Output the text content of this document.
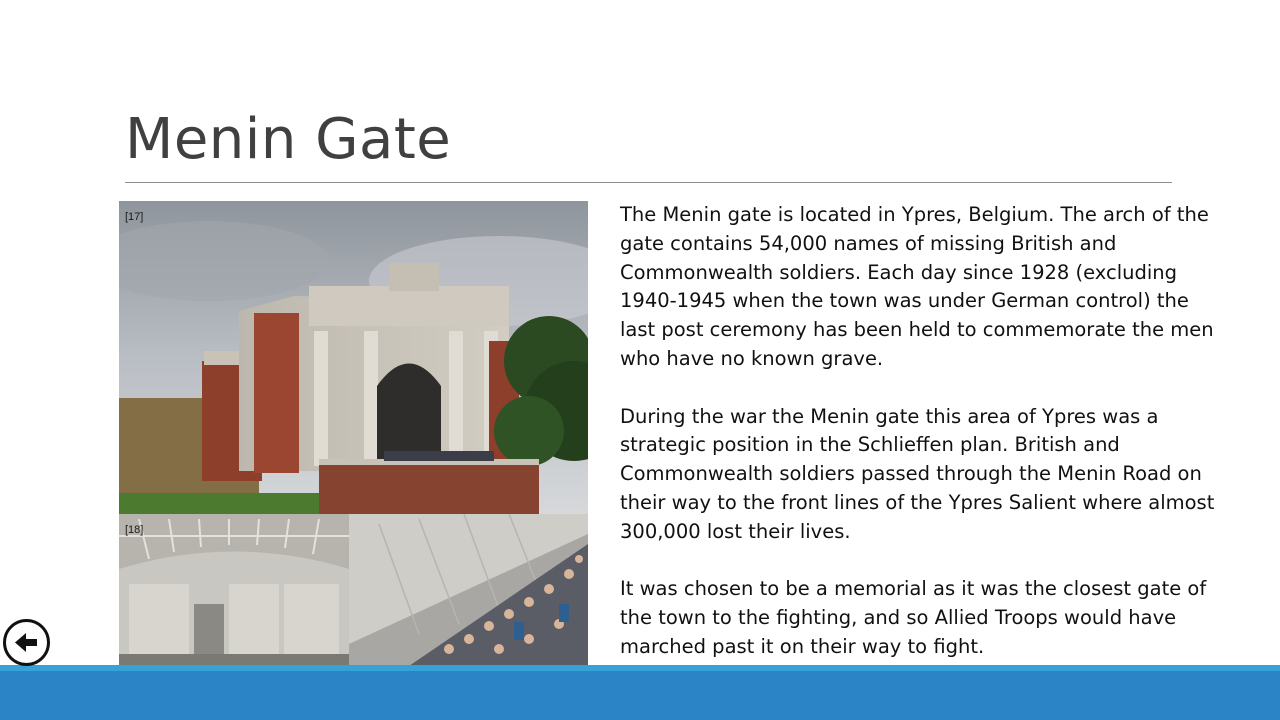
Menin Gate
[17]
[18]

The Menin gate is located in Ypres, Belgium. The arch of the gate contains 54,000 names of missing British and Commonwealth soldiers. Each day since 1928 (excluding 1940-1945 when the town was under German control) the last post ceremony has been held to commemorate the men who have no known grave.

During the war the Menin gate this area of Ypres was a strategic position in the Schlieffen plan. British and Commonwealth soldiers passed through the Menin Road on their way to the front lines of the Ypres Salient where almost 300,000 lost their lives.

It was chosen to be a memorial as it was the closest gate of the town to the fighting, and so Allied Troops would have marched past it on their way to fight.
